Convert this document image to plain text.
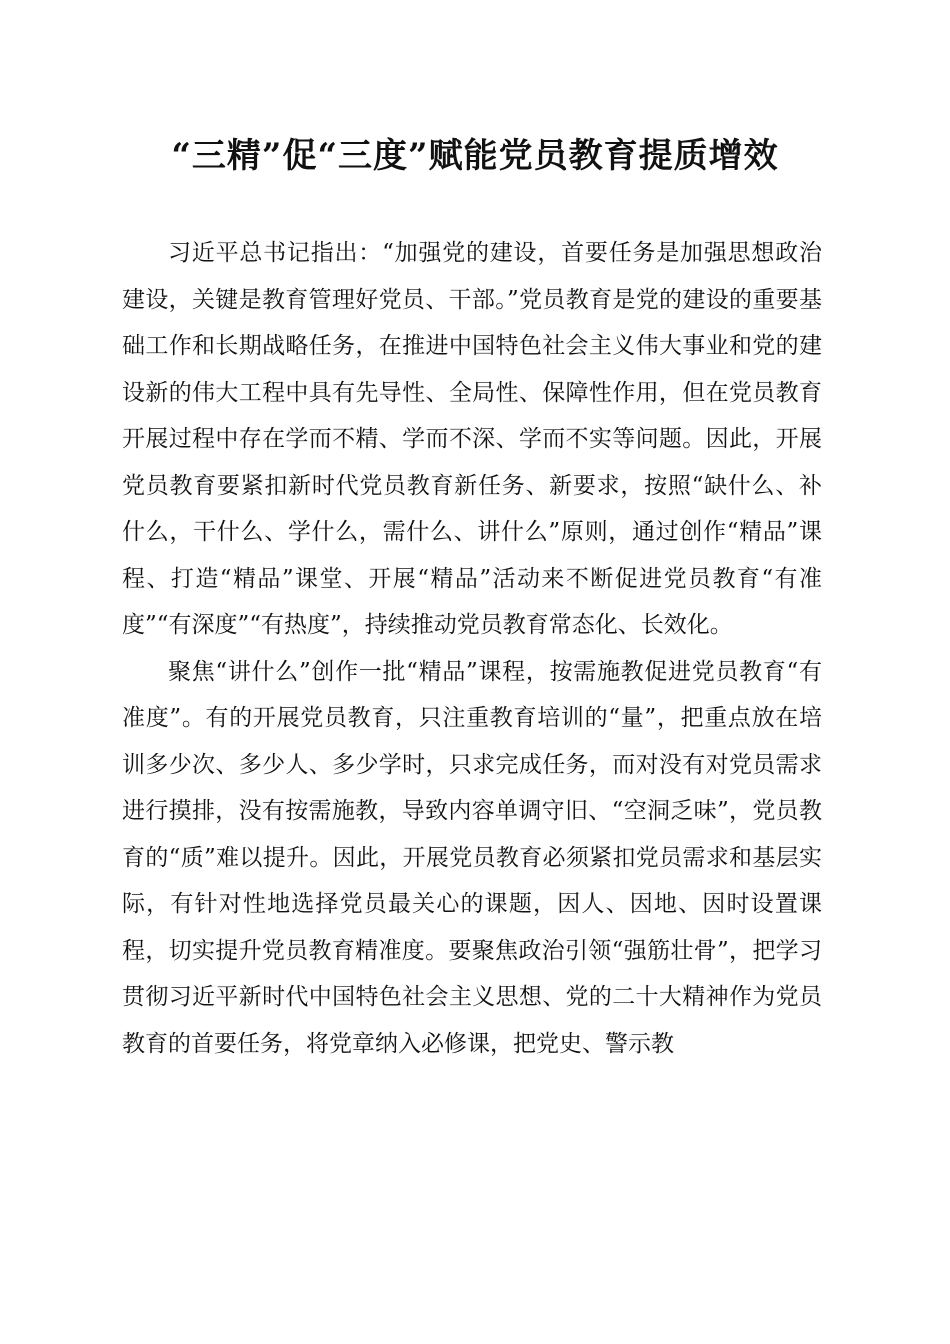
“三精”促“三度”赋能党员教育提质增效

习近平总书记指出：“加强党的建设，首要任务是加强思想政治建设，关键是教育管理好党员、干部。”党员教育是党的建设的重要基础工作和长期战略任务，在推进中国特色社会主义伟大事业和党的建设新的伟大工程中具有先导性、全局性、保障性作用，但在党员教育开展过程中存在学而不精、学而不深、学而不实等问题。因此，开展党员教育要紧扣新时代党员教育新任务、新要求，按照“缺什么、补什么，干什么、学什么，需什么、讲什么”原则，通过创作“精品”课程、打造“精品”课堂、开展“精品”活动来不断促进党员教育“有准度”“有深度”“有热度”，持续推动党员教育常态化、长效化。

聚焦“讲什么”创作一批“精品”课程，按需施教促进党员教育“有准度”。有的开展党员教育，只注重教育培训的“量”，把重点放在培训多少次、多少人、多少学时，只求完成任务，而对没有对党员需求进行摸排，没有按需施教，导致内容单调守旧、“空洞乏味”，党员教育的“质”难以提升。因此，开展党员教育必须紧扣党员需求和基层实际，有针对性地选择党员最关心的课题，因人、因地、因时设置课程，切实提升党员教育精准度。要聚焦政治引领“强筋壮骨”，把学习贯彻习近平新时代中国特色社会主义思想、党的二十大精神作为党员教育的首要任务，将党章纳入必修课，把党史、警示教
